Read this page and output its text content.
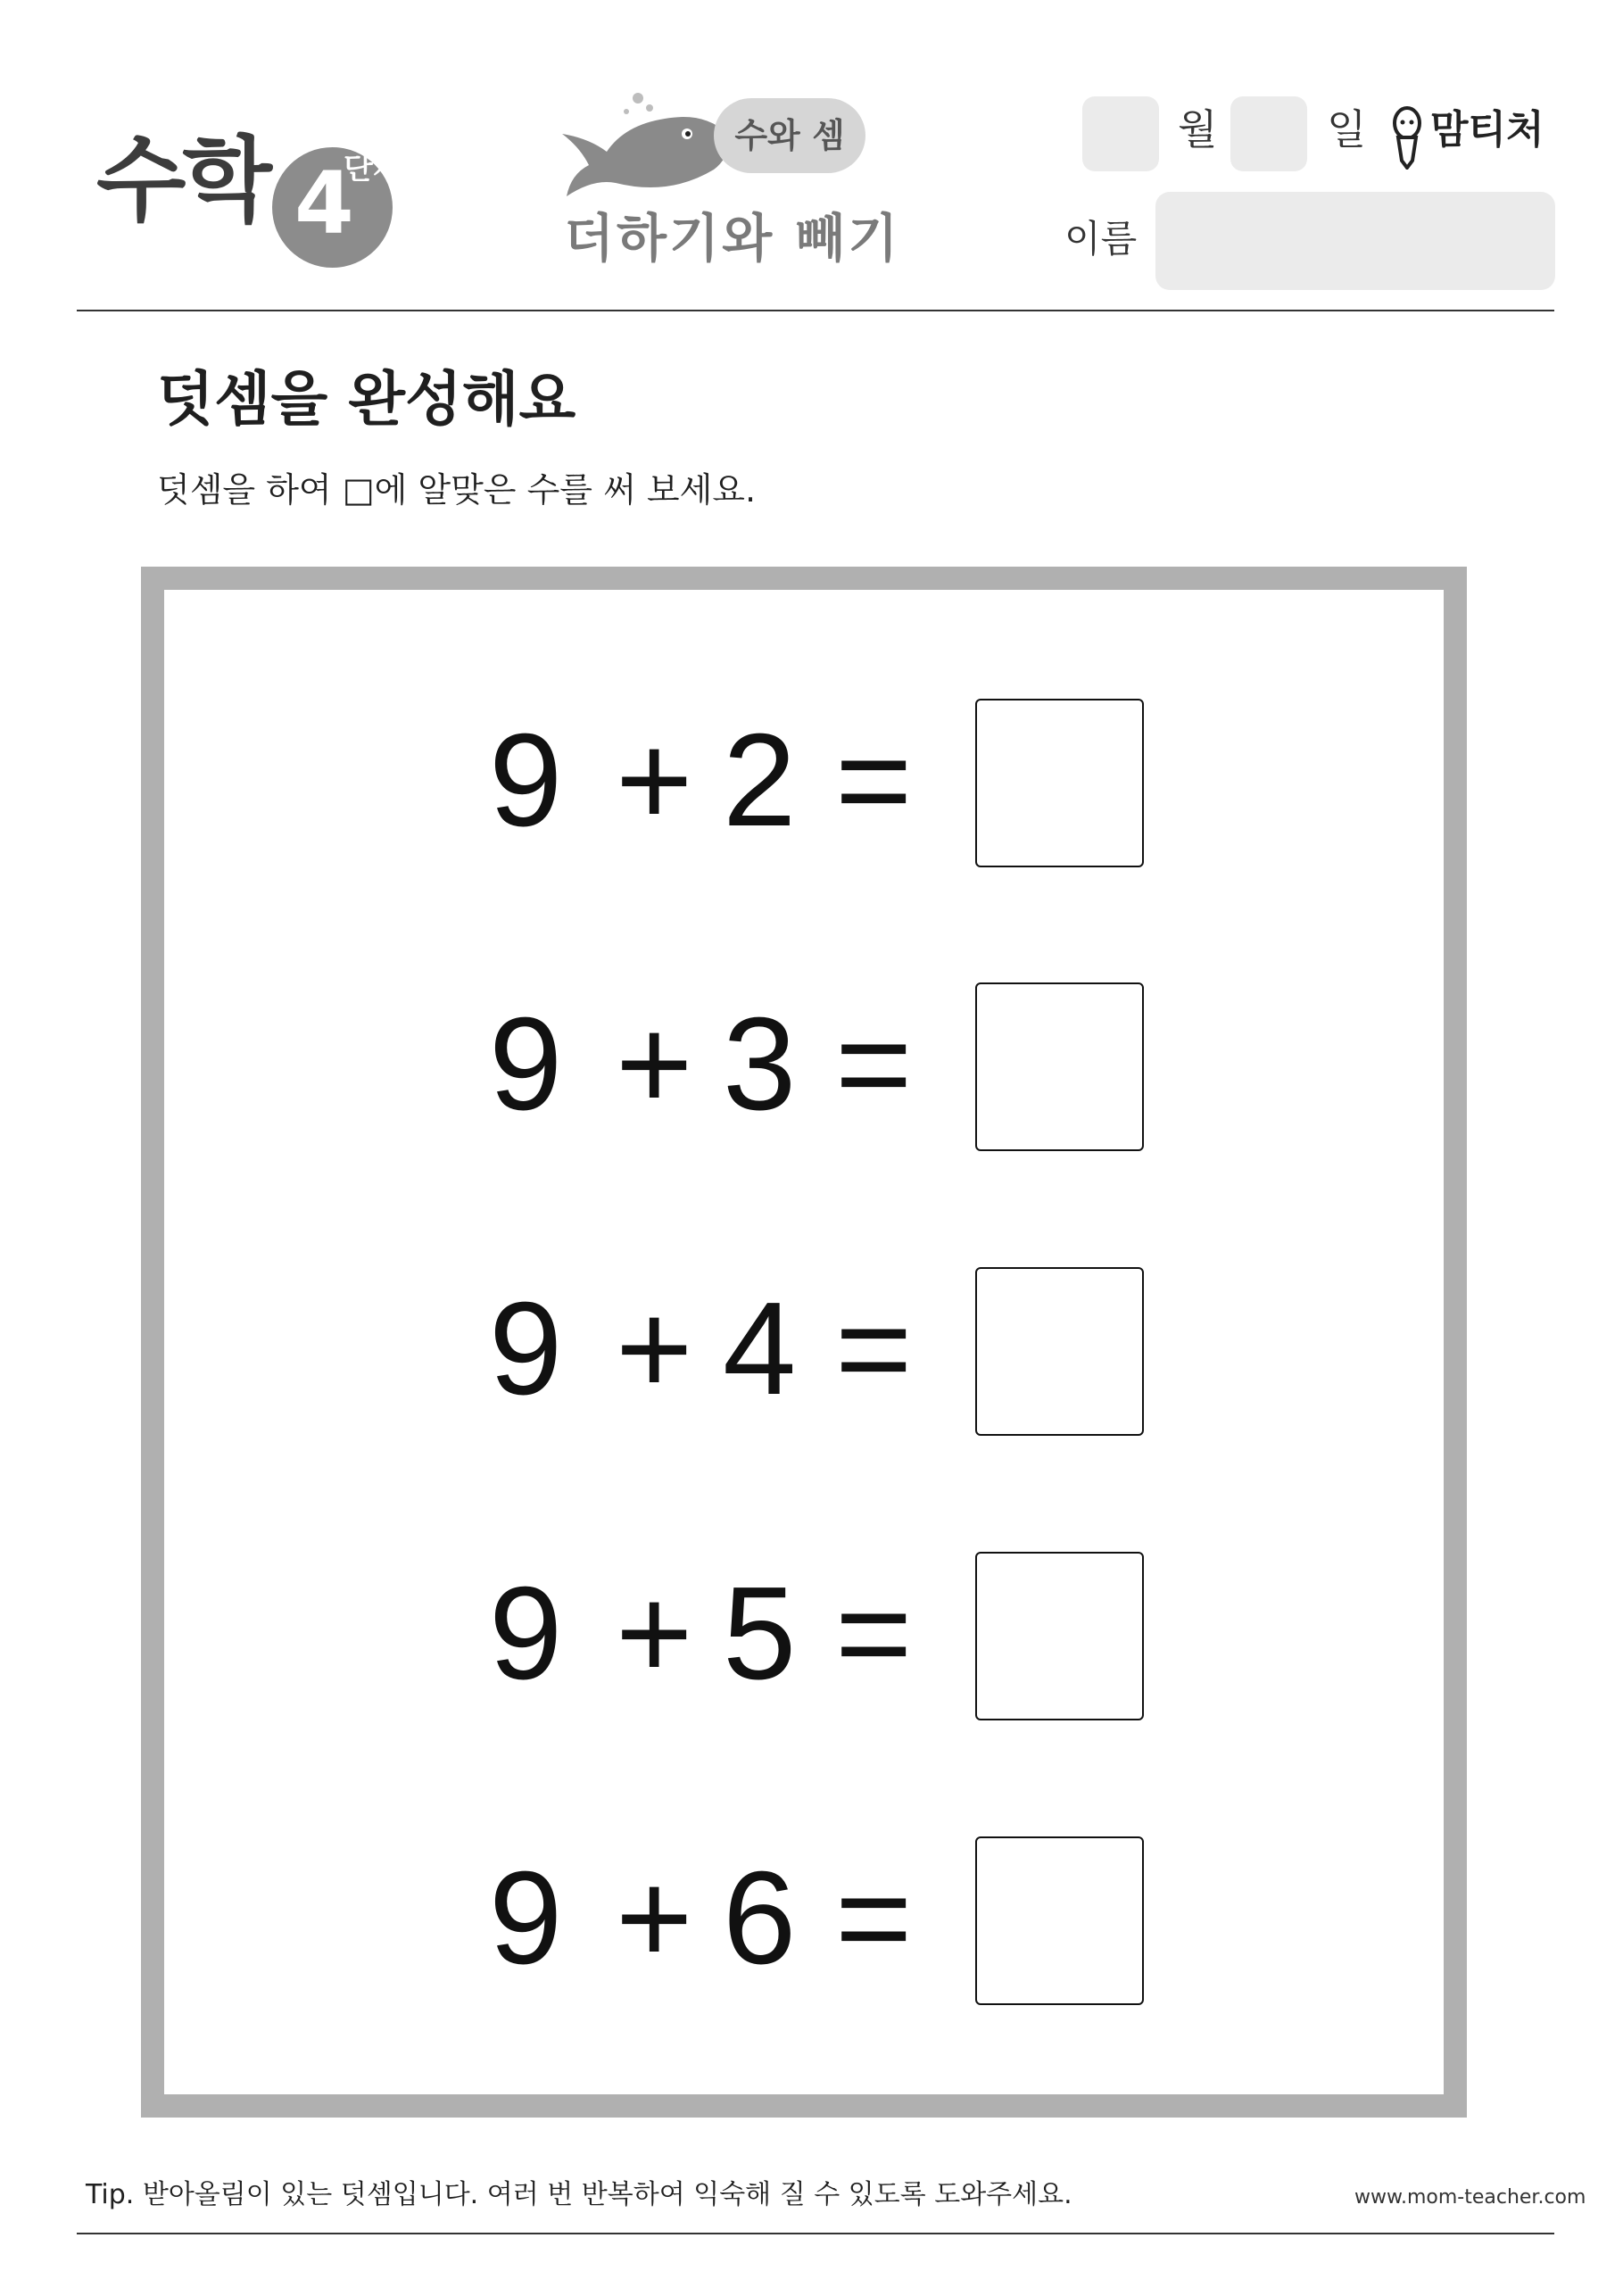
수학 4
단계
수와 셈
더하기와 빼기
월	일 맘티처
이름
덧셈을 완성해요
덧셈을 하여 □에 알맞은 수를 써 보세요.
9 + 2 =
9 + 3 =
9 + 4 =
9 + 5 =
9 + 6 =
Tip. 받아올림이 있는 덧셈입니다. 여러 번 반복하여 익숙해 질 수 있도록 도와주세요.	www.mom-teacher.com
